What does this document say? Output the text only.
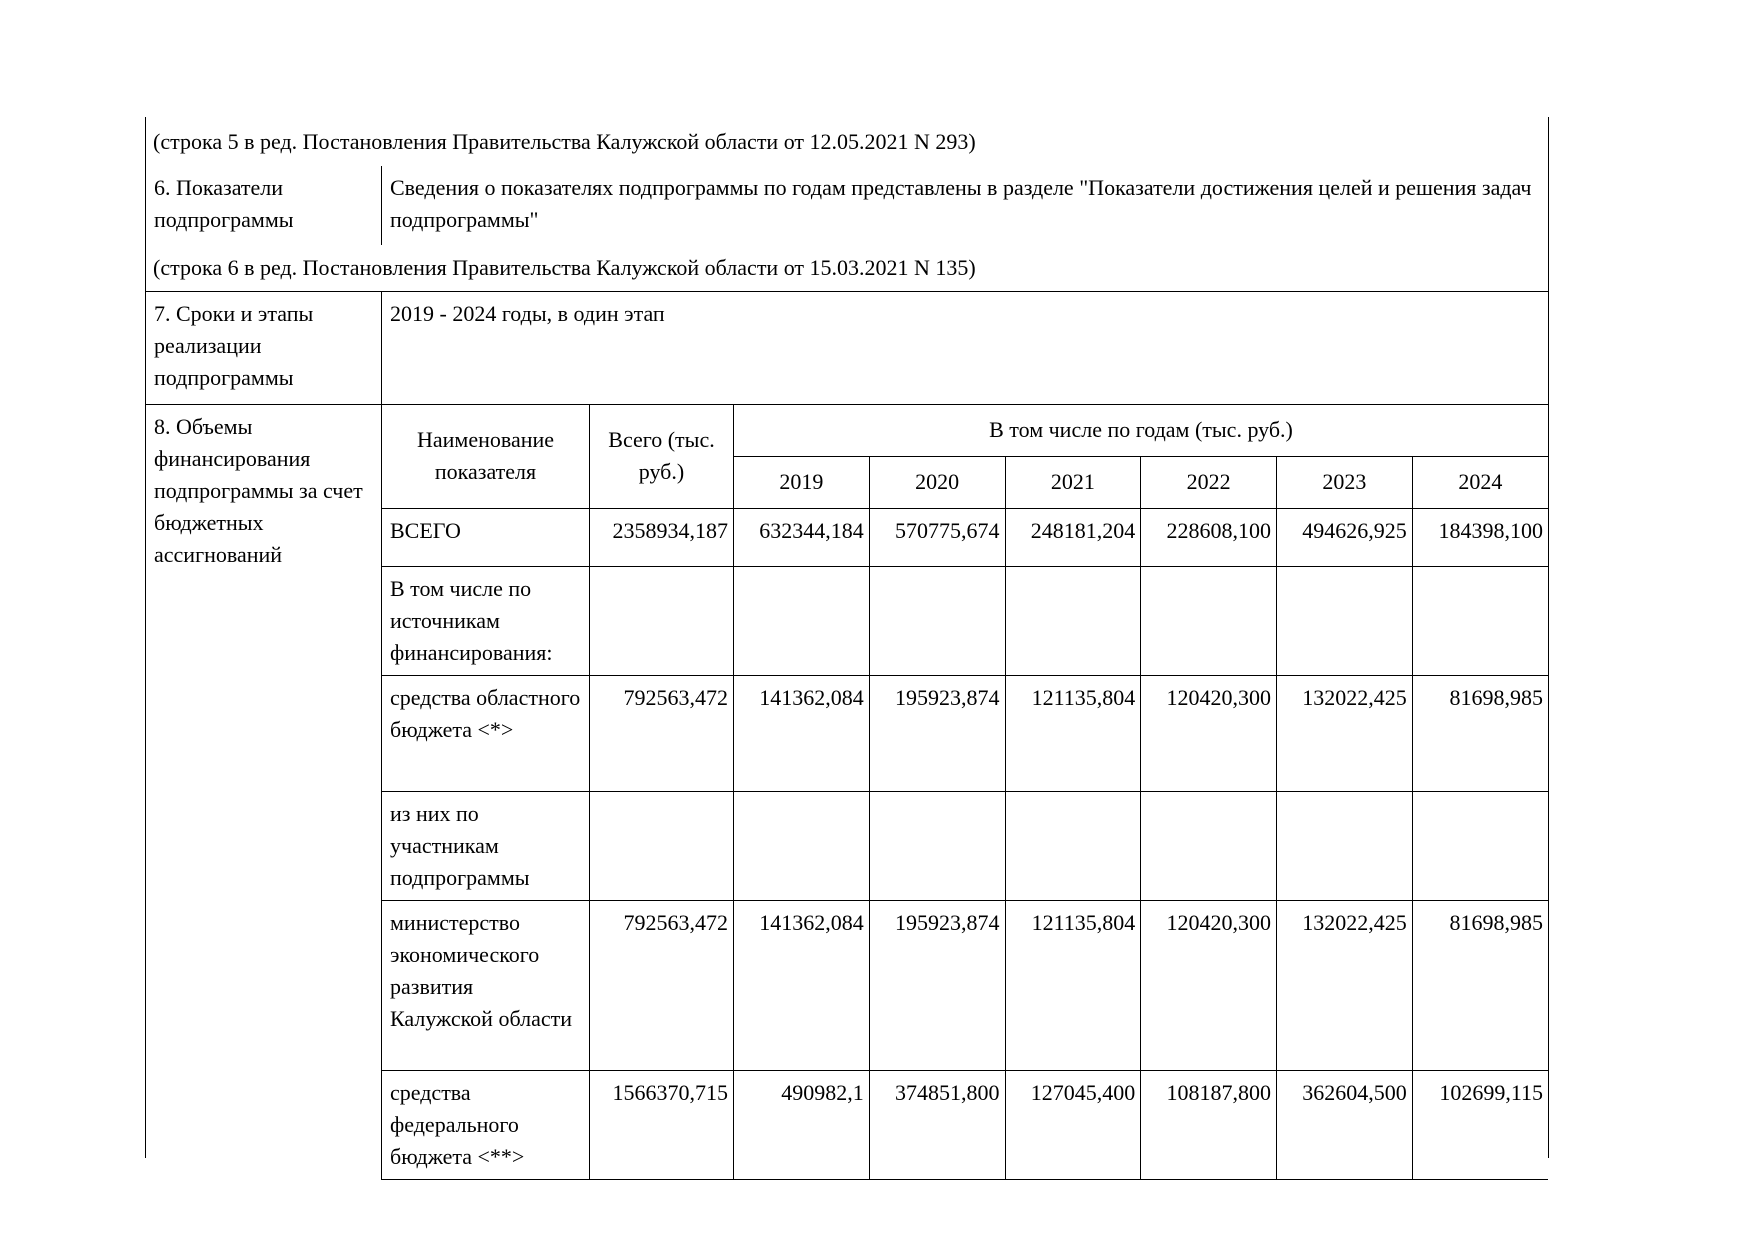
(строка 5 в ред. Постановления Правительства Калужской области от 12.05.2021 N 293)
6. Показатели подпрограммы
Сведения о показателях подпрограммы по годам представлены в разделе "Показатели достижения целей и решения задач подпрограммы"
(строка 6 в ред. Постановления Правительства Калужской области от 15.03.2021 N 135)
7. Сроки и этапы реализации подпрограммы
2019 - 2024 годы, в один этап
8. Объемы финансирования подпрограммы за счет бюджетных ассигнований
Наименование показателя	Всего (тыс. руб.)	В том числе по годам (тыс. руб.)					
		2019	2020	2021	2022	2023	2024
ВСЕГО	2358934,187	632344,184	570775,674	248181,204	228608,100	494626,925	184398,100
В том числе по источникам финансирования:							
средства областного бюджета <*>	792563,472	141362,084	195923,874	121135,804	120420,300	132022,425	81698,985
из них по участникам подпрограммы							
министерство экономического развития Калужской области	792563,472	141362,084	195923,874	121135,804	120420,300	132022,425	81698,985
средства федерального бюджета <**>	1566370,715	490982,1	374851,800	127045,400	108187,800	362604,500	102699,115
